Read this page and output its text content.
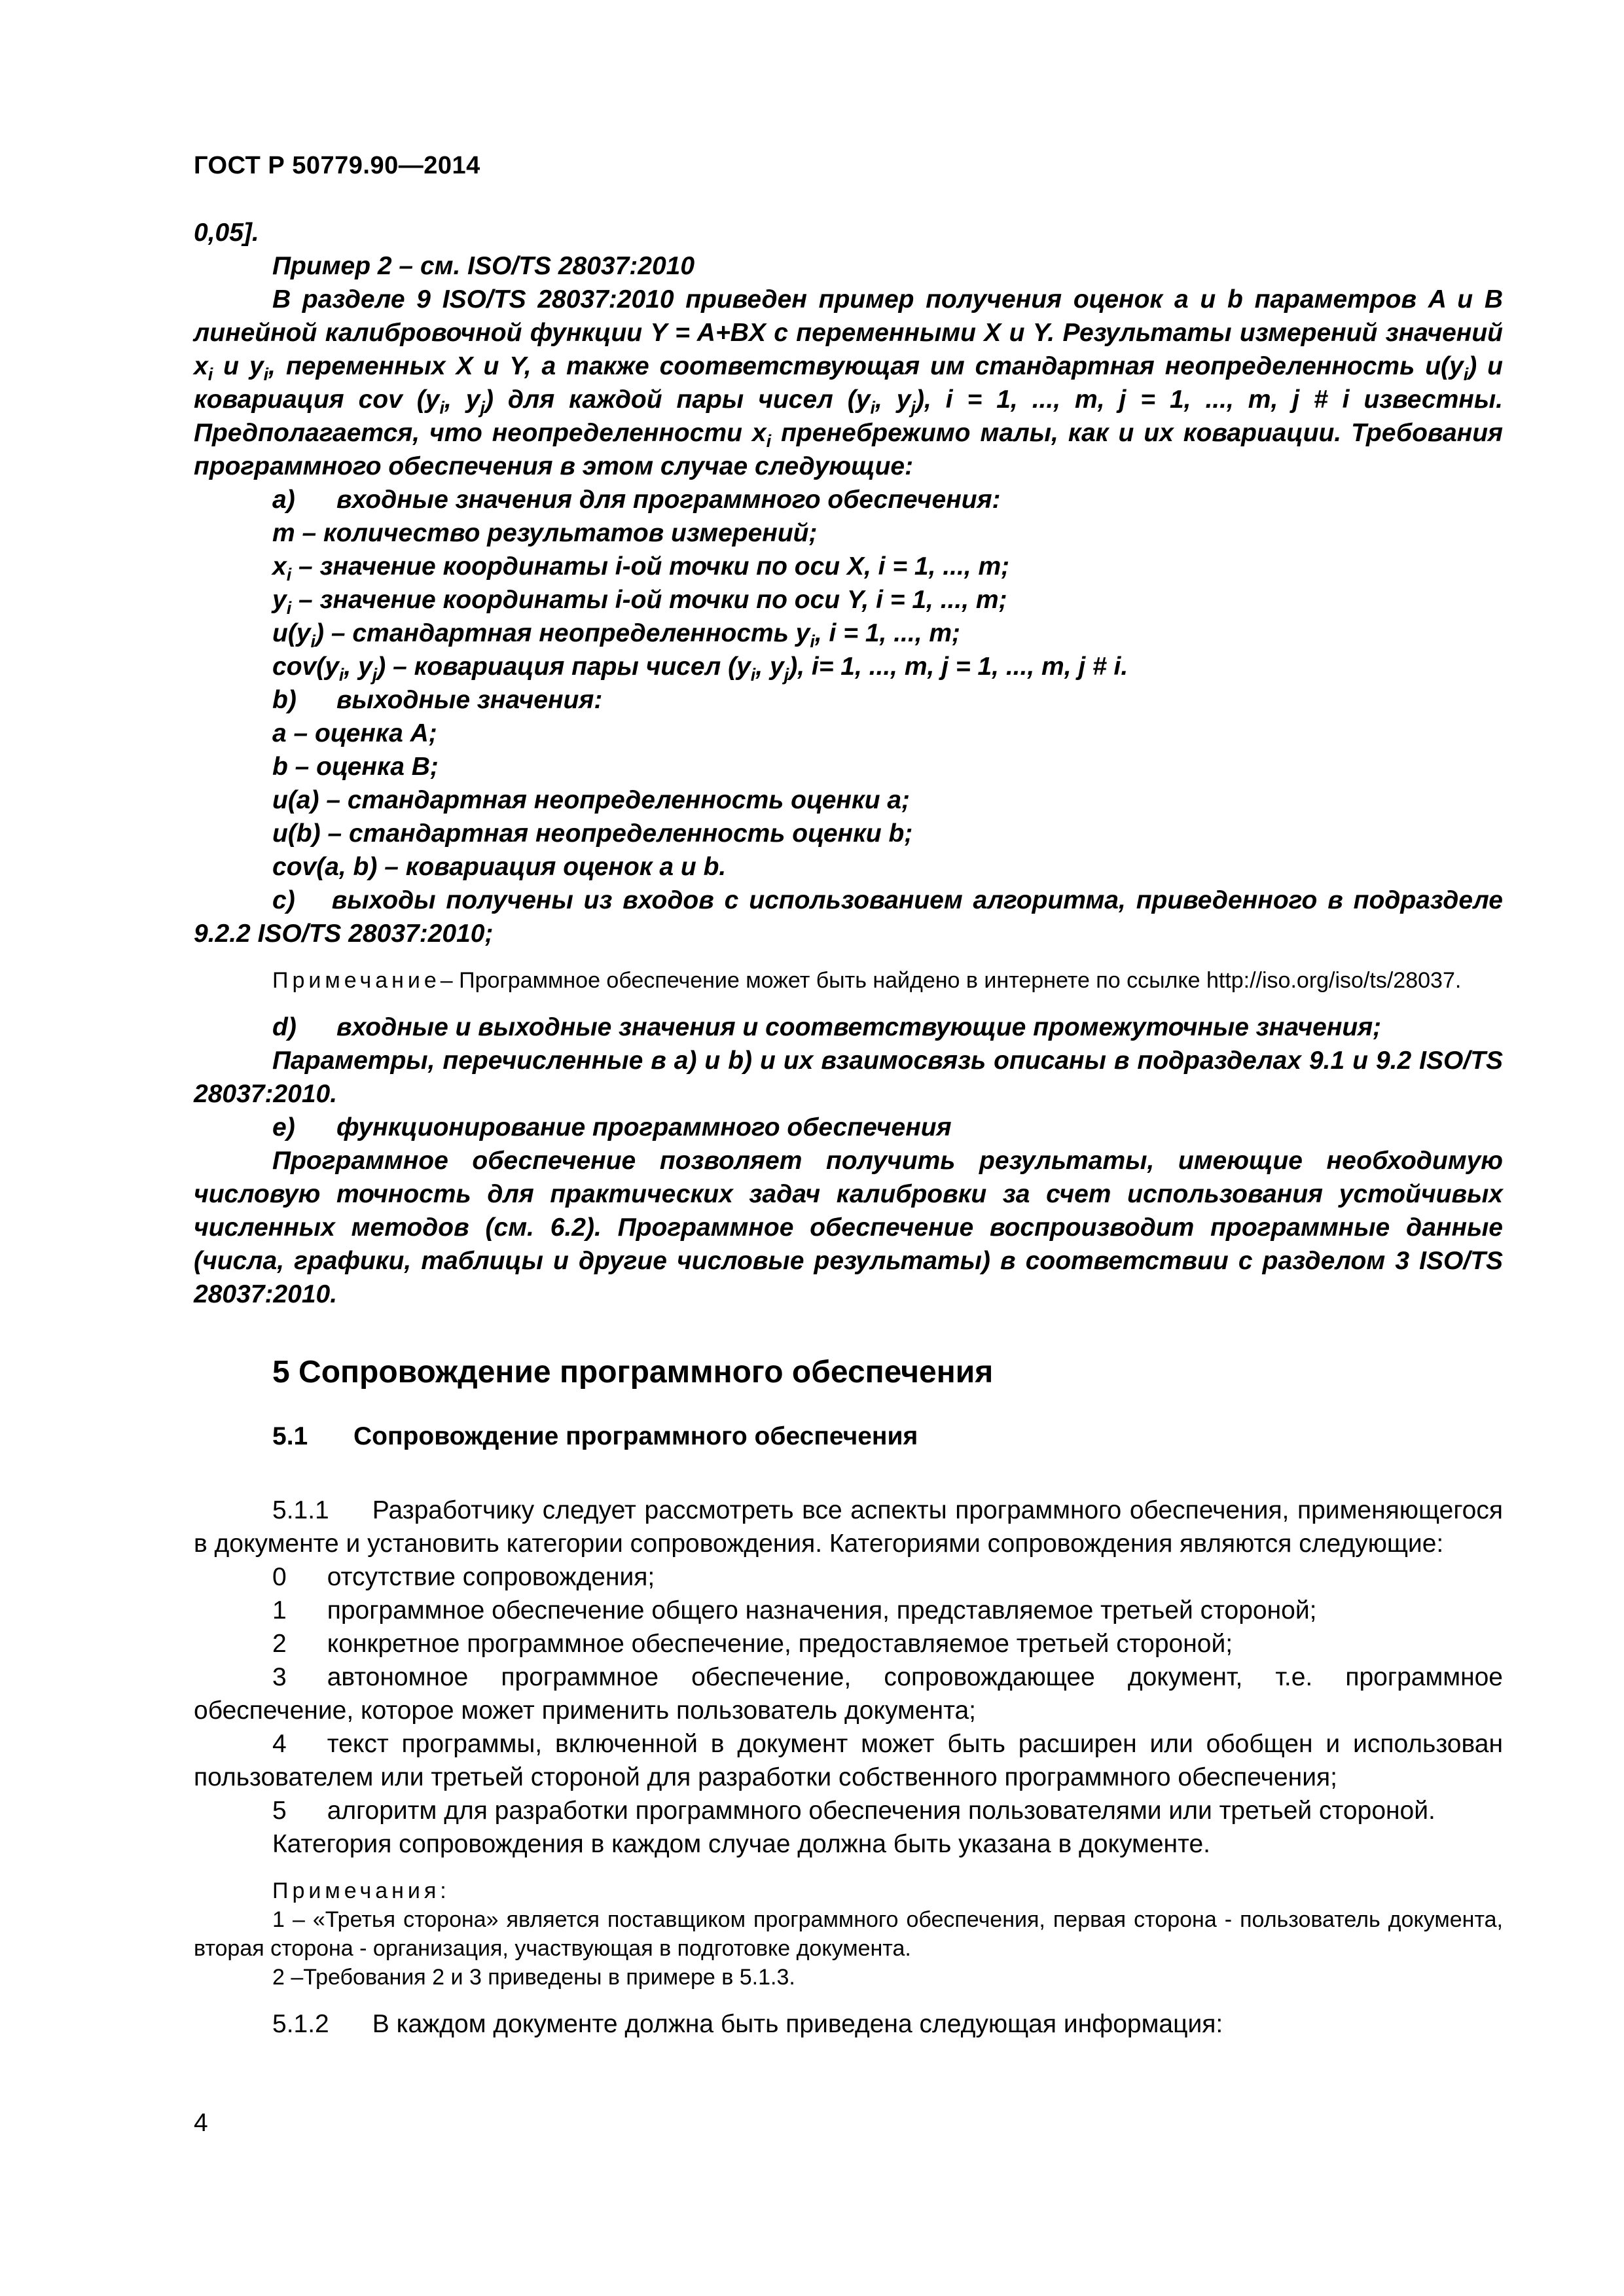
ГОСТ Р 50779.90—2014

0,05].

Пример 2 – см. ISO/TS 28037:2010

В разделе 9 ISO/TS 28037:2010 приведен пример получения оценок a и b параметров A и B линейной калибровочной функции Y = A+BX с переменными X и Y. Результаты измерений значений $x_i$ и $y_i$, переменных X и Y, а также соответствующая им стандартная неопределенность $u(y_i)$ и ковариация cov ($y_i$, $y_j$) для каждой пары чисел ($y_i$, $y_j$), i = 1, ..., m, j = 1, ..., m, j # i известны. Предполагается, что неопределенности $x_i$ пренебрежимо малы, как и их ковариации. Требования программного обеспечения в этом случае следующие:

a)	входные значения для программного обеспечения:

m – количество результатов измерений;

$x_i$ – значение координаты i-ой точки по оси X, i = 1, ..., m;

$y_i$ – значение координаты i-ой точки по оси Y, i = 1, ..., m;

$u(y_i)$ – стандартная неопределенность $y_i$, i = 1, ..., m;

$cov(y_i$, $y_j$) – ковариация пары чисел ($y_i$, $y_j$), i= 1, ..., m, j = 1, ..., m, j # i.

b)	выходные значения:

a – оценка A;

b – оценка B;

u(a) – стандартная неопределенность оценки a;

u(b) – стандартная неопределенность оценки b;

cov(a, b) – ковариация оценок a и b.

c) выходы получены из входов с использованием алгоритма, приведенного в подразделе 9.2.2 ISO/TS 28037:2010;

Примечание– Программное обеспечение может быть найдено в интернете по ссылке http://iso.org/iso/ts/28037.

d)	входные и выходные значения и соответствующие промежуточные значения;

Параметры, перечисленные в a) и b) и их взаимосвязь описаны в подразделах 9.1 и 9.2 ISO/TS 28037:2010.

e)	функционирование программного обеспечения

Программное обеспечение позволяет получить результаты, имеющие необходимую числовую точность для практических задач калибровки за счет использования устойчивых численных методов (см. 6.2). Программное обеспечение воспроизводит программные данные (числа, графики, таблицы и другие числовые результаты) в соответствии с разделом 3 ISO/TS 28037:2010.

5 Сопровождение программного обеспечения
5.1	Сопровождение программного обеспечения

5.1.1 Разработчику следует рассмотреть все аспекты программного обеспечения, применяющегося в документе и установить категории сопровождения. Категориями сопровождения являются следующие:

0 отсутствие сопровождения;

1 программное обеспечение общего назначения, представляемое третьей стороной;

2 конкретное программное обеспечение, предоставляемое третьей стороной;

3 автономное программное обеспечение, сопровождающее документ, т.е. программное обеспечение, которое может применить пользователь документа;

4 текст программы, включенной в документ может быть расширен или обобщен и использован пользователем или третьей стороной для разработки собственного программного обеспечения;

5 алгоритм для разработки программного обеспечения пользователями или третьей стороной.

Категория сопровождения в каждом случае должна быть указана в документе.

Примечания:

1 – «Третья сторона» является поставщиком программного обеспечения, первая сторона - пользователь документа, вторая сторона - организация, участвующая в подготовке документа.

2 –Требования 2 и 3 приведены в примере в 5.1.3.

5.1.2 В каждом документе должна быть приведена следующая информация:

4
